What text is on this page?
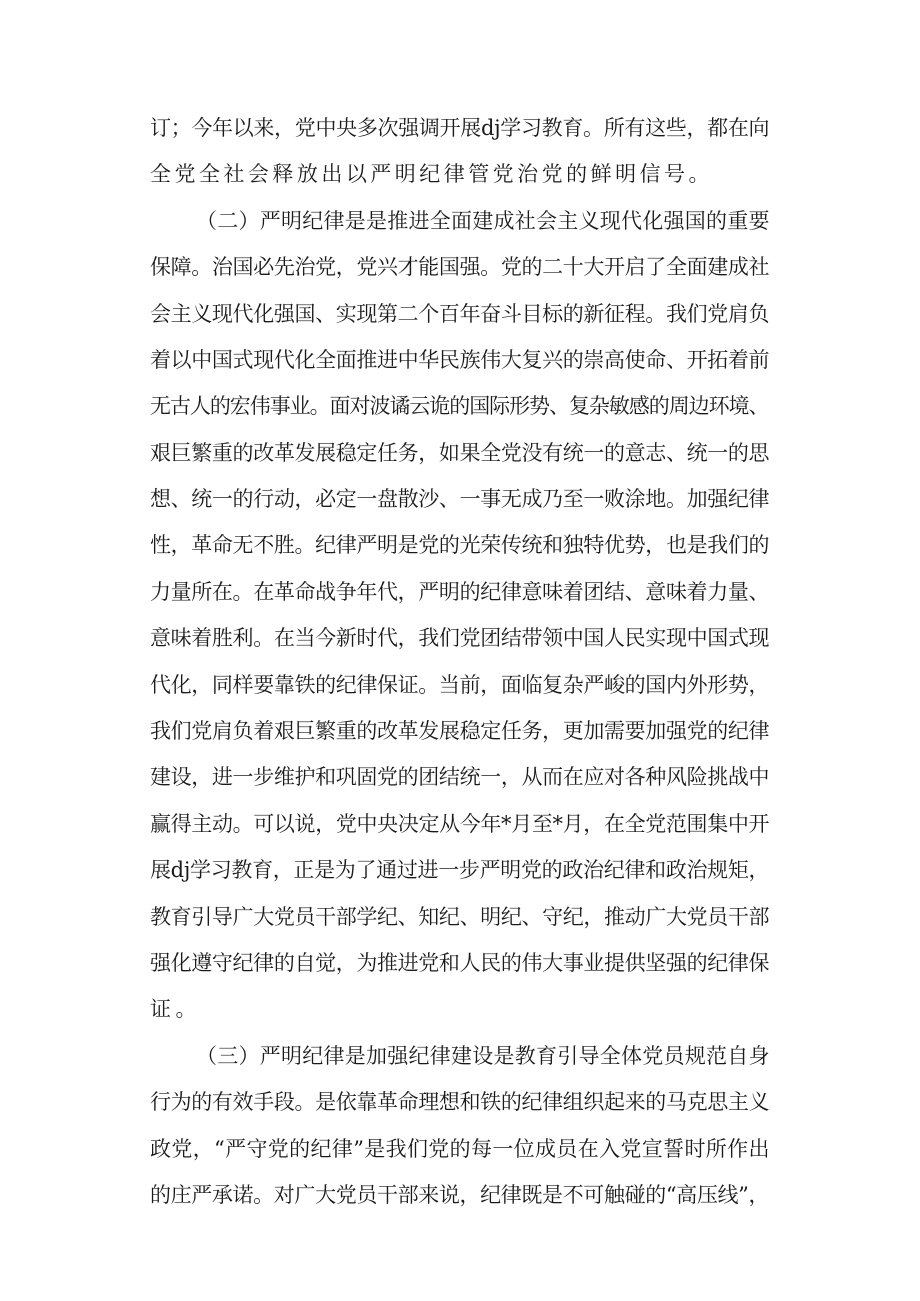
订；今年以来，党中央多次强调开展dj学习教育。所有这些，都在向
全党全社会释放出以严明纪律管党治党的鲜明信号。
（二）严明纪律是是推进全面建成社会主义现代化强国的重要
保障。治国必先治党，党兴才能国强。党的二十大开启了全面建成社
会主义现代化强国、实现第二个百年奋斗目标的新征程。我们党肩负
着以中国式现代化全面推进中华民族伟大复兴的崇高使命、开拓着前
无古人的宏伟事业。面对波谲云诡的国际形势、复杂敏感的周边环境、
艰巨繁重的改革发展稳定任务，如果全党没有统一的意志、统一的思
想、统一的行动，必定一盘散沙、一事无成乃至一败涂地。加强纪律
性，革命无不胜。纪律严明是党的光荣传统和独特优势，也是我们的
力量所在。在革命战争年代，严明的纪律意味着团结、意味着力量、
意味着胜利。在当今新时代，我们党团结带领中国人民实现中国式现
代化，同样要靠铁的纪律保证。当前，面临复杂严峻的国内外形势，
我们党肩负着艰巨繁重的改革发展稳定任务，更加需要加强党的纪律
建设，进一步维护和巩固党的团结统一，从而在应对各种风险挑战中
赢得主动。可以说，党中央决定从今年*月至*月，在全党范围集中开
展dj学习教育，正是为了通过进一步严明党的政治纪律和政治规矩，
教育引导广大党员干部学纪、知纪、明纪、守纪，推动广大党员干部
强化遵守纪律的自觉，为推进党和人民的伟大事业提供坚强的纪律保
证。
（三）严明纪律是加强纪律建设是教育引导全体党员规范自身
行为的有效手段。是依靠革命理想和铁的纪律组织起来的马克思主义
政党，“严守党的纪律”是我们党的每一位成员在入党宣誓时所作出
的庄严承诺。对广大党员干部来说，纪律既是不可触碰的“高压线”，
